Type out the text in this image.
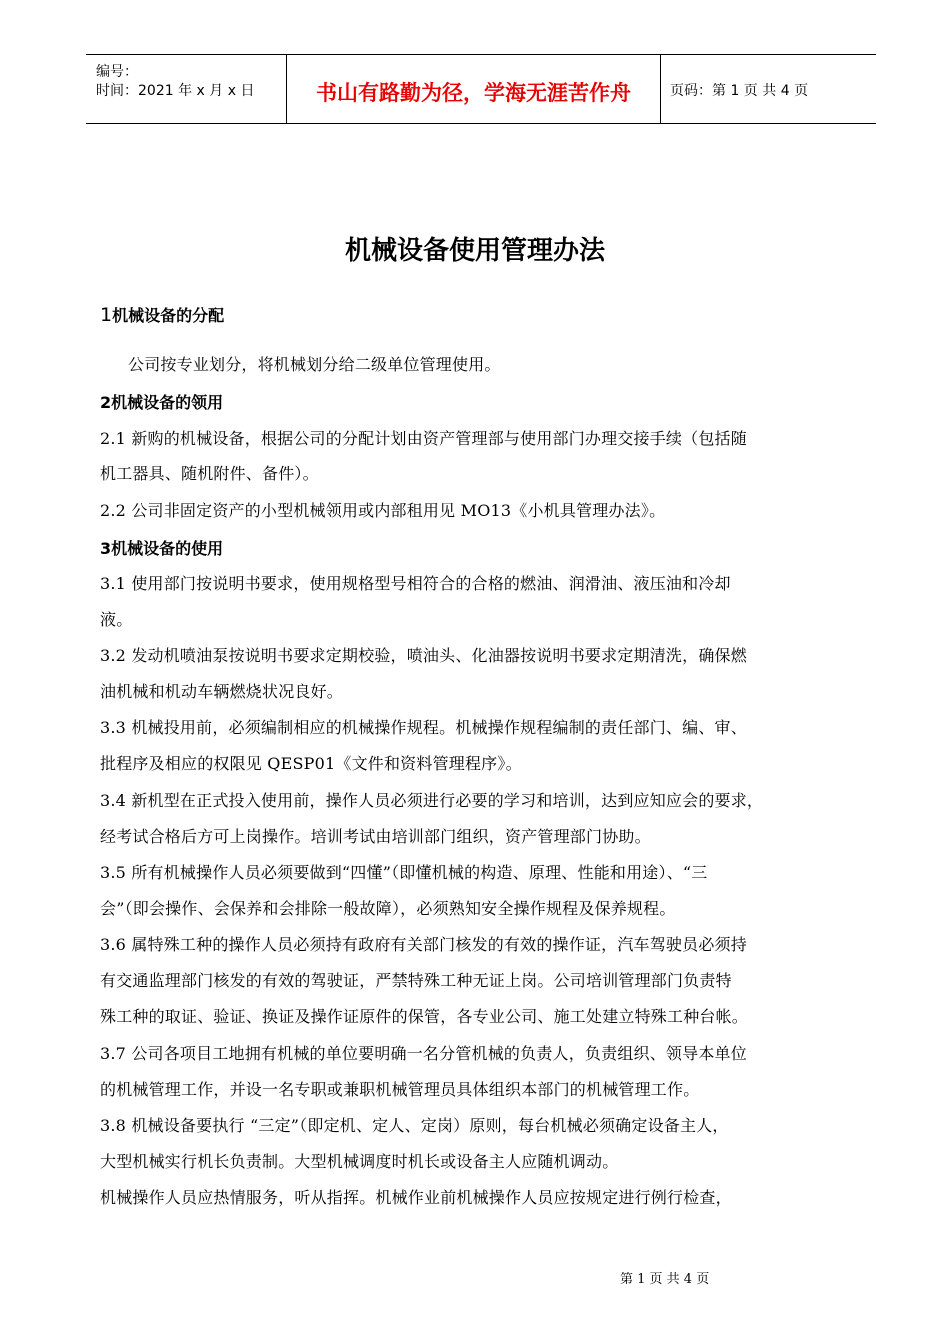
编号：
时间：2021 年 x 月 x 日	书山有路勤为径，学海无涯苦作舟	页码：第 1 页 共 4 页
机械设备使用管理办法
1机械设备的分配
公司按专业划分，将机械划分给二级单位管理使用。
2机械设备的领用
2.1 新购的机械设备，根据公司的分配计划由资产管理部与使用部门办理交接手续（包括随
机工器具、随机附件、备件）。
2.2 公司非固定资产的小型机械领用或内部租用见 MO13《小机具管理办法》。
3机械设备的使用
3.1 使用部门按说明书要求，使用规格型号相符合的合格的燃油、润滑油、液压油和冷却
液。
3.2 发动机喷油泵按说明书要求定期校验，喷油头、化油器按说明书要求定期清洗，确保燃
油机械和机动车辆燃烧状况良好。
3.3 机械投用前，必须编制相应的机械操作规程。机械操作规程编制的责任部门、编、审、
批程序及相应的权限见 QESP01《文件和资料管理程序》。
3.4 新机型在正式投入使用前，操作人员必须进行必要的学习和培训，达到应知应会的要求，
经考试合格后方可上岗操作。培训考试由培训部门组织，资产管理部门协助。
3.5 所有机械操作人员必须要做到“四懂”（即懂机械的构造、原理、性能和用途）、“三
会”（即会操作、会保养和会排除一般故障），必须熟知安全操作规程及保养规程。
3.6 属特殊工种的操作人员必须持有政府有关部门核发的有效的操作证，汽车驾驶员必须持
有交通监理部门核发的有效的驾驶证，严禁特殊工种无证上岗。公司培训管理部门负责特
殊工种的取证、验证、换证及操作证原件的保管，各专业公司、施工处建立特殊工种台帐。
3.7 公司各项目工地拥有机械的单位要明确一名分管机械的负责人，负责组织、领导本单位
的机械管理工作，并设一名专职或兼职机械管理员具体组织本部门的机械管理工作。
3.8 机械设备要执行 “三定”（即定机、定人、定岗）原则，每台机械必须确定设备主人，
大型机械实行机长负责制。大型机械调度时机长或设备主人应随机调动。
机械操作人员应热情服务，听从指挥。机械作业前机械操作人员应按规定进行例行检查，
第 1 页 共 4 页
